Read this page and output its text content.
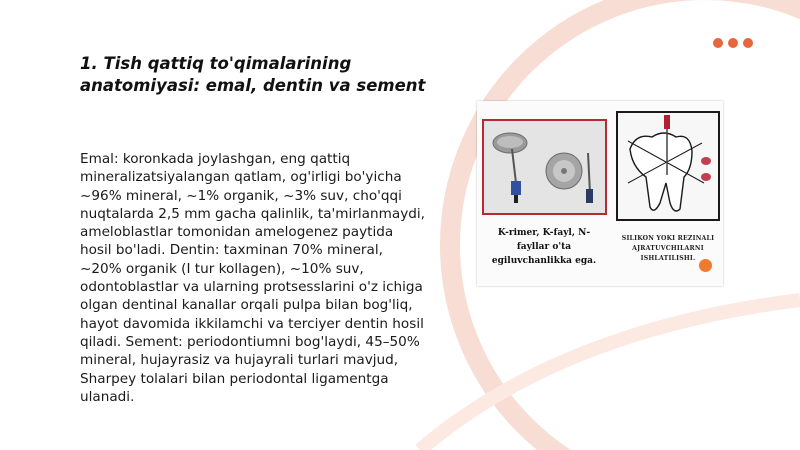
1. Tish qattiq to'qimalarining anatomiyasi: emal, dentin va sement

Emal: koronkada joylashgan, eng qattiq mineralizatsiyalangan qatlam, og'irligi bo'yicha ~96% mineral, ~1% organik, ~3% suv, cho'qqi nuqtalarda 2,5 mm gacha qalinlik, ta'mirlanmaydi, ameloblastlar tomonidan amelogenez paytida hosil bo'ladi. Dentin: taxminan 70% mineral, ~20% organik (I tur kollagen), ~10% suv, odontoblastlar va ularning protsesslarini o'z ichiga olgan dentinal kanallar orqali pulpa bilan bog'liq, hayot davomida ikkilamchi va terciyer dentin hosil qiladi. Sement: periodontiumni bog'laydi, 45–50% mineral, hujayrasiz va hujayrali turlari mavjud, Sharpey tolalari bilan periodontal ligamentga ulanadi.

K-rimer, K-fayl, N-fayllar o'ta egiluvchanlikka ega.
SILIKON YOKI REZINALI AJRATUVCHILARNI ISHLATILISHI.
